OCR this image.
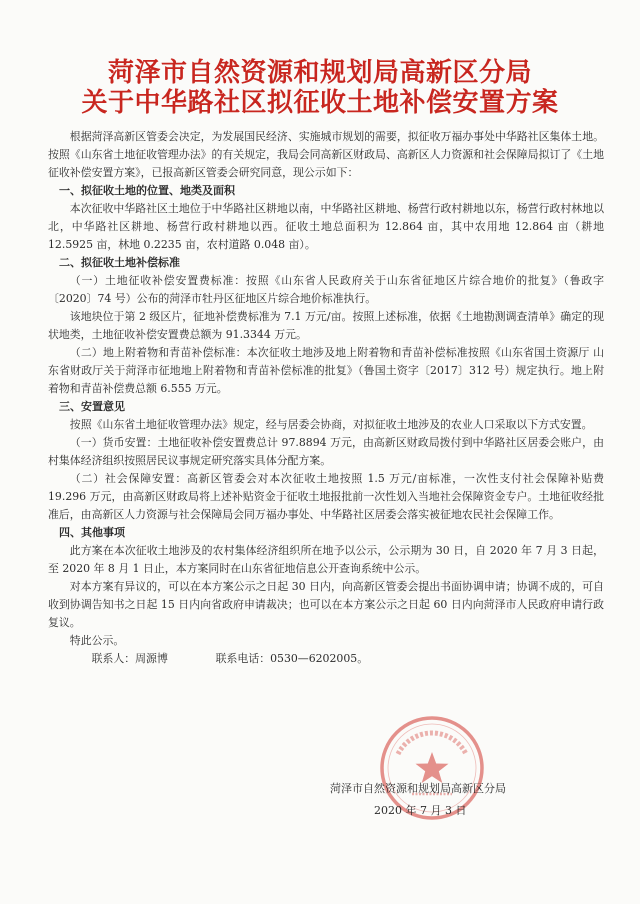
菏泽市自然资源和规划局高新区分局
关于中华路社区拟征收土地补偿安置方案

根据菏泽高新区管委会决定，为发展国民经济、实施城市规划的需要，拟征收万福办事处中华路社区集体土地。按照《山东省土地征收管理办法》的有关规定，我局会同高新区财政局、高新区人力资源和社会保障局拟订了《土地征收补偿安置方案》，已报高新区管委会研究同意，现公示如下：

一、拟征收土地的位置、地类及面积

本次征收中华路社区土地位于中华路社区耕地以南，中华路社区耕地、杨营行政村耕地以东，杨营行政村林地以北，中华路社区耕地、杨营行政村耕地以西。征收土地总面积为 12.864 亩，其中农用地 12.864 亩（耕地 12.5925 亩，林地 0.2235 亩，农村道路 0.048 亩）。

二、拟征收土地补偿标准

（一）土地征收补偿安置费标准：按照《山东省人民政府关于山东省征地区片综合地价的批复》（鲁政字〔2020〕74 号）公布的菏泽市牡丹区征地区片综合地价标准执行。

该地块位于第 2 级区片，征地补偿费标准为 7.1 万元/亩。按照上述标准，依据《土地勘测调查清单》确定的现状地类，土地征收补偿安置费总额为 91.3344 万元。

（二）地上附着物和青苗补偿标准：本次征收土地涉及地上附着物和青苗补偿标准按照《山东省国土资源厅 山东省财政厅关于菏泽市征地地上附着物和青苗补偿标准的批复》（鲁国土资字〔2017〕312 号）规定执行。地上附着物和青苗补偿费总额 6.555 万元。

三、安置意见

按照《山东省土地征收管理办法》规定，经与居委会协商，对拟征收土地涉及的农业人口采取以下方式安置。

（一）货币安置：土地征收补偿安置费总计 97.8894 万元，由高新区财政局拨付到中华路社区居委会账户，由村集体经济组织按照居民议事规定研究落实具体分配方案。

（二）社会保障安置：高新区管委会对本次征收土地按照 1.5 万元/亩标准，一次性支付社会保障补贴费 19.296 万元，由高新区财政局将上述补贴资金于征收土地报批前一次性划入当地社会保障资金专户。土地征收经批准后，由高新区人力资源与社会保障局会同万福办事处、中华路社区居委会落实被征地农民社会保障工作。

四、其他事项

此方案在本次征收土地涉及的农村集体经济组织所在地予以公示，公示期为 30 日，自 2020 年 7 月 3 日起，至 2020 年 8 月 1 日止，本方案同时在山东省征地信息公开查询系统中公示。

对本方案有异议的，可以在本方案公示之日起 30 日内，向高新区管委会提出书面协调申请；协调不成的，可自收到协调告知书之日起 15 日内向省政府申请裁决；也可以在本方案公示之日起 60 日内向菏泽市人民政府申请行政复议。

特此公示。

联系人：周源博	联系电话：0530—6202005。

菏泽市自然资源和规划局高新区分局
2020 年 7 月 3 日
